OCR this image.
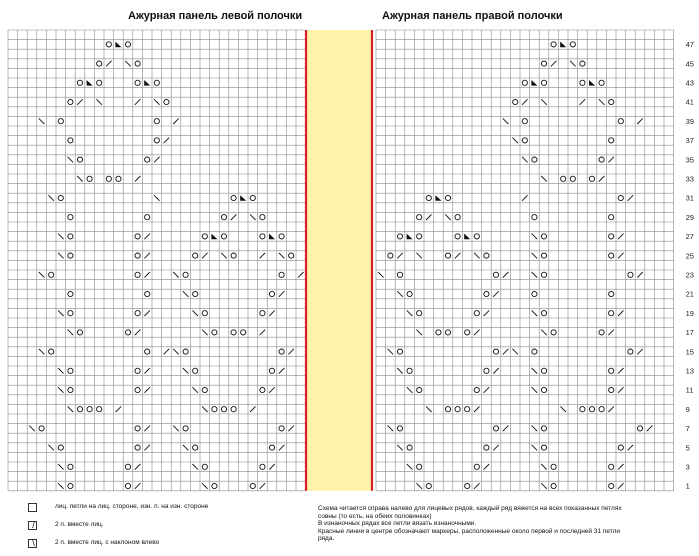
Ажурная панель левой полочки	Ажурная панель правой полочки
47
45
43
41
39
37
35
33
31
29
27
25
23
21
19
17
15
13
11
9
7
5
3
1
лиц. петли на лиц. стороне, изн. п. на изн. стороне
/	2 п. вместе лиц.
\	2 п. вместе лиц. с наклоном влево
Схема читается справа налево для лицевых рядов, каждый ряд вяжется на всех показанных петлях
совны (то есть, на обеих половинках)
В изнаночных рядах все петли вязать изнаночными.
Красные линии в центре обозначают маркеры, расположенные около первой и последней 31 петли
ряда.
